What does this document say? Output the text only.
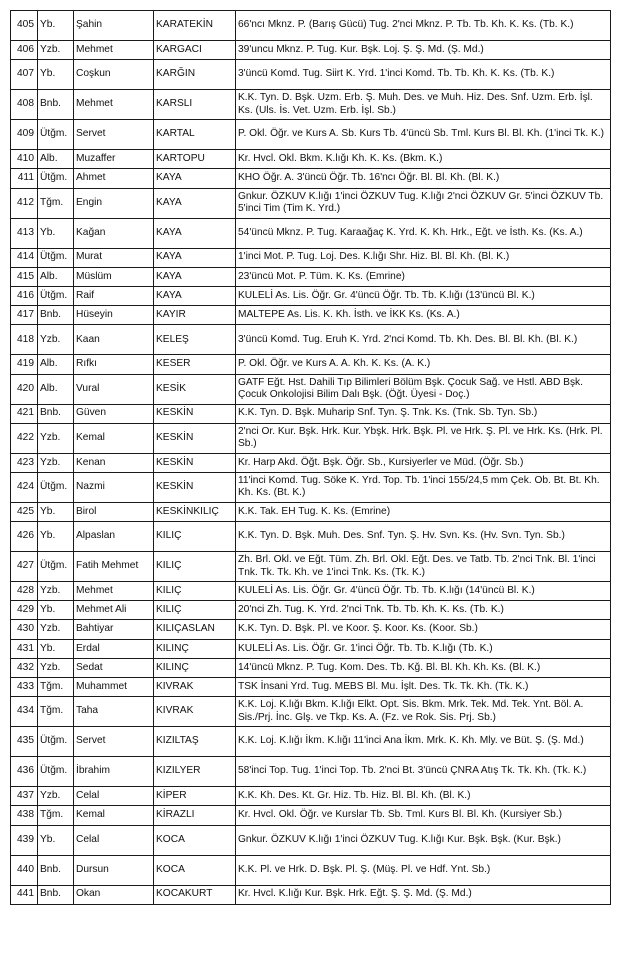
405	Yb.	Şahin	KARATEKİN	66'ncı Mknz. P. (Barış Gücü) Tug. 2'nci Mknz. P. Tb. Tb. Kh. K. Ks. (Tb. K.)
406	Yzb.	Mehmet	KARGACI	39'uncu Mknz. P. Tug. Kur. Bşk. Loj. Ş. Ş. Md. (Ş. Md.)
407	Yb.	Coşkun	KARĞIN	3'üncü Komd. Tug. Siirt K. Yrd. 1'inci Komd. Tb. Tb. Kh. K. Ks. (Tb. K.)
408	Bnb.	Mehmet	KARSLI	K.K. Tyn. D. Bşk. Uzm. Erb. Ş. Muh. Des. ve Muh. Hiz. Des. Snf. Uzm. Erb. İşl. Ks. (Uls. İs. Vet. Uzm. Erb. İşl. Sb.)
409	Ütğm.	Servet	KARTAL	P. Okl. Öğr. ve Kurs A. Sb. Kurs Tb. 4'üncü Sb. Tml. Kurs Bl. Bl. Kh. (1'inci Tk. K.)
410	Alb.	Muzaffer	KARTOPU	Kr. Hvcl. Okl. Bkm. K.lığı Kh. K. Ks. (Bkm. K.)
411	Ütğm.	Ahmet	KAYA	KHO Öğr. A. 3'üncü Öğr. Tb. 16'ncı Öğr. Bl. Bl. Kh. (Bl. K.)
412	Tğm.	Engin	KAYA	Gnkur. ÖZKUV K.lığı 1'inci ÖZKUV Tug. K.lığı 2'nci ÖZKUV Gr. 5'inci ÖZKUV Tb. 5'inci Tim (Tim K. Yrd.)
413	Yb.	Kağan	KAYA	54'üncü Mknz. P. Tug. Karaağaç K. Yrd. K. Kh. Hrk., Eğt. ve İsth. Ks. (Ks. A.)
414	Ütğm.	Murat	KAYA	1'inci Mot. P. Tug. Loj. Des. K.lığı Shr. Hiz. Bl. Bl. Kh. (Bl. K.)
415	Alb.	Müslüm	KAYA	23'üncü Mot. P. Tüm. K. Ks. (Emrine)
416	Ütğm.	Raif	KAYA	KULELİ As. Lis. Öğr. Gr. 4'üncü Öğr. Tb. Tb. K.lığı (13'üncü Bl. K.)
417	Bnb.	Hüseyin	KAYIR	MALTEPE As. Lis. K. Kh. İsth. ve İKK Ks. (Ks. A.)
418	Yzb.	Kaan	KELEŞ	3'üncü Komd. Tug. Eruh K. Yrd. 2'nci Komd. Tb. Kh. Des. Bl. Bl. Kh. (Bl. K.)
419	Alb.	Rıfkı	KESER	P. Okl. Öğr. ve Kurs A. A. Kh. K. Ks. (A. K.)
420	Alb.	Vural	KESİK	GATF Eğt. Hst. Dahili Tıp Bilimleri Bölüm Bşk. Çocuk Sağ. ve Hstl. ABD Bşk. Çocuk Onkolojisi Bilim Dalı Bşk. (Öğt. Üyesi - Doç.)
421	Bnb.	Güven	KESKİN	K.K. Tyn. D. Bşk. Muharip Snf. Tyn. Ş. Tnk. Ks. (Tnk. Sb. Tyn. Sb.)
422	Yzb.	Kemal	KESKİN	2'nci Or. Kur. Bşk. Hrk. Kur. Ybşk. Hrk. Bşk. Pl. ve Hrk. Ş. Pl. ve Hrk. Ks. (Hrk. Pl. Sb.)
423	Yzb.	Kenan	KESKİN	Kr. Harp Akd. Öğt. Bşk. Öğr. Sb., Kursiyerler ve Müd. (Öğr. Sb.)
424	Ütğm.	Nazmi	KESKİN	11'inci Komd. Tug. Söke K. Yrd. Top. Tb. 1'inci 155/24,5 mm Çek. Ob. Bt. Bt. Kh. Kh. Ks. (Bt. K.)
425	Yb.	Birol	KESKİNKILIÇ	K.K. Tak. EH Tug. K. Ks. (Emrine)
426	Yb.	Alpaslan	KILIÇ	K.K. Tyn. D. Bşk. Muh. Des. Snf. Tyn. Ş. Hv. Svn. Ks. (Hv. Svn. Tyn. Sb.)
427	Ütğm.	Fatih Mehmet	KILIÇ	Zh. Brl. Okl. ve Eğt. Tüm. Zh. Brl. Okl. Eğt. Des. ve Tatb. Tb. 2'nci Tnk. Bl. 1'inci Tnk. Tk. Tk. Kh. ve 1'inci Tnk. Ks. (Tk. K.)
428	Yzb.	Mehmet	KILIÇ	KULELİ As. Lis. Öğr. Gr. 4'üncü Öğr. Tb. Tb. K.lığı (14'üncü Bl. K.)
429	Yb.	Mehmet Ali	KILIÇ	20'nci Zh. Tug. K. Yrd. 2'nci Tnk. Tb. Tb. Kh. K. Ks. (Tb. K.)
430	Yzb.	Bahtiyar	KILIÇASLAN	K.K. Tyn. D. Bşk. Pl. ve Koor. Ş. Koor. Ks. (Koor. Sb.)
431	Yb.	Erdal	KILINÇ	KULELİ As. Lis. Öğr. Gr. 1'inci Öğr. Tb. Tb. K.lığı (Tb. K.)
432	Yzb.	Sedat	KILINÇ	14'üncü Mknz. P. Tug. Kom. Des. Tb. Kğ. Bl. Bl. Kh. Kh. Ks. (Bl. K.)
433	Tğm.	Muhammet	KIVRAK	TSK İnsani Yrd. Tug. MEBS Bl. Mu. İşlt. Des. Tk. Tk. Kh. (Tk. K.)
434	Tğm.	Taha	KIVRAK	K.K. Loj. K.lığı Bkm. K.lığı Elkt. Opt. Sis. Bkm. Mrk. Tek. Md. Tek. Ynt. Böl. A. Sis./Prj. İnc. Glş. ve Tkp. Ks. A. (Fz. ve Rok. Sis. Prj. Sb.)
435	Ütğm.	Servet	KIZILTAŞ	K.K. Loj. K.lığı İkm. K.lığı 11'inci Ana İkm. Mrk. K. Kh. Mly. ve Büt. Ş. (Ş. Md.)
436	Ütğm.	İbrahim	KIZILYER	58'inci Top. Tug. 1'inci Top. Tb. 2'nci Bt. 3'üncü ÇNRA Atış Tk. Tk. Kh. (Tk. K.)
437	Yzb.	Celal	KİPER	K.K. Kh. Des. Kt. Gr. Hiz. Tb. Hiz. Bl. Bl. Kh. (Bl. K.)
438	Tğm.	Kemal	KİRAZLI	Kr. Hvcl. Okl. Öğr. ve Kurslar Tb. Sb. Tml. Kurs Bl. Bl. Kh. (Kursiyer Sb.)
439	Yb.	Celal	KOCA	Gnkur. ÖZKUV K.lığı 1'inci ÖZKUV Tug. K.lığı Kur. Bşk. Bşk. (Kur. Bşk.)
440	Bnb.	Dursun	KOCA	K.K. Pl. ve Hrk. D. Bşk. Pl. Ş. (Müş. Pl. ve Hdf. Ynt. Sb.)
441	Bnb.	Okan	KOCAKURT	Kr. Hvcl. K.lığı Kur. Bşk. Hrk. Eğt. Ş. Ş. Md. (Ş. Md.)
